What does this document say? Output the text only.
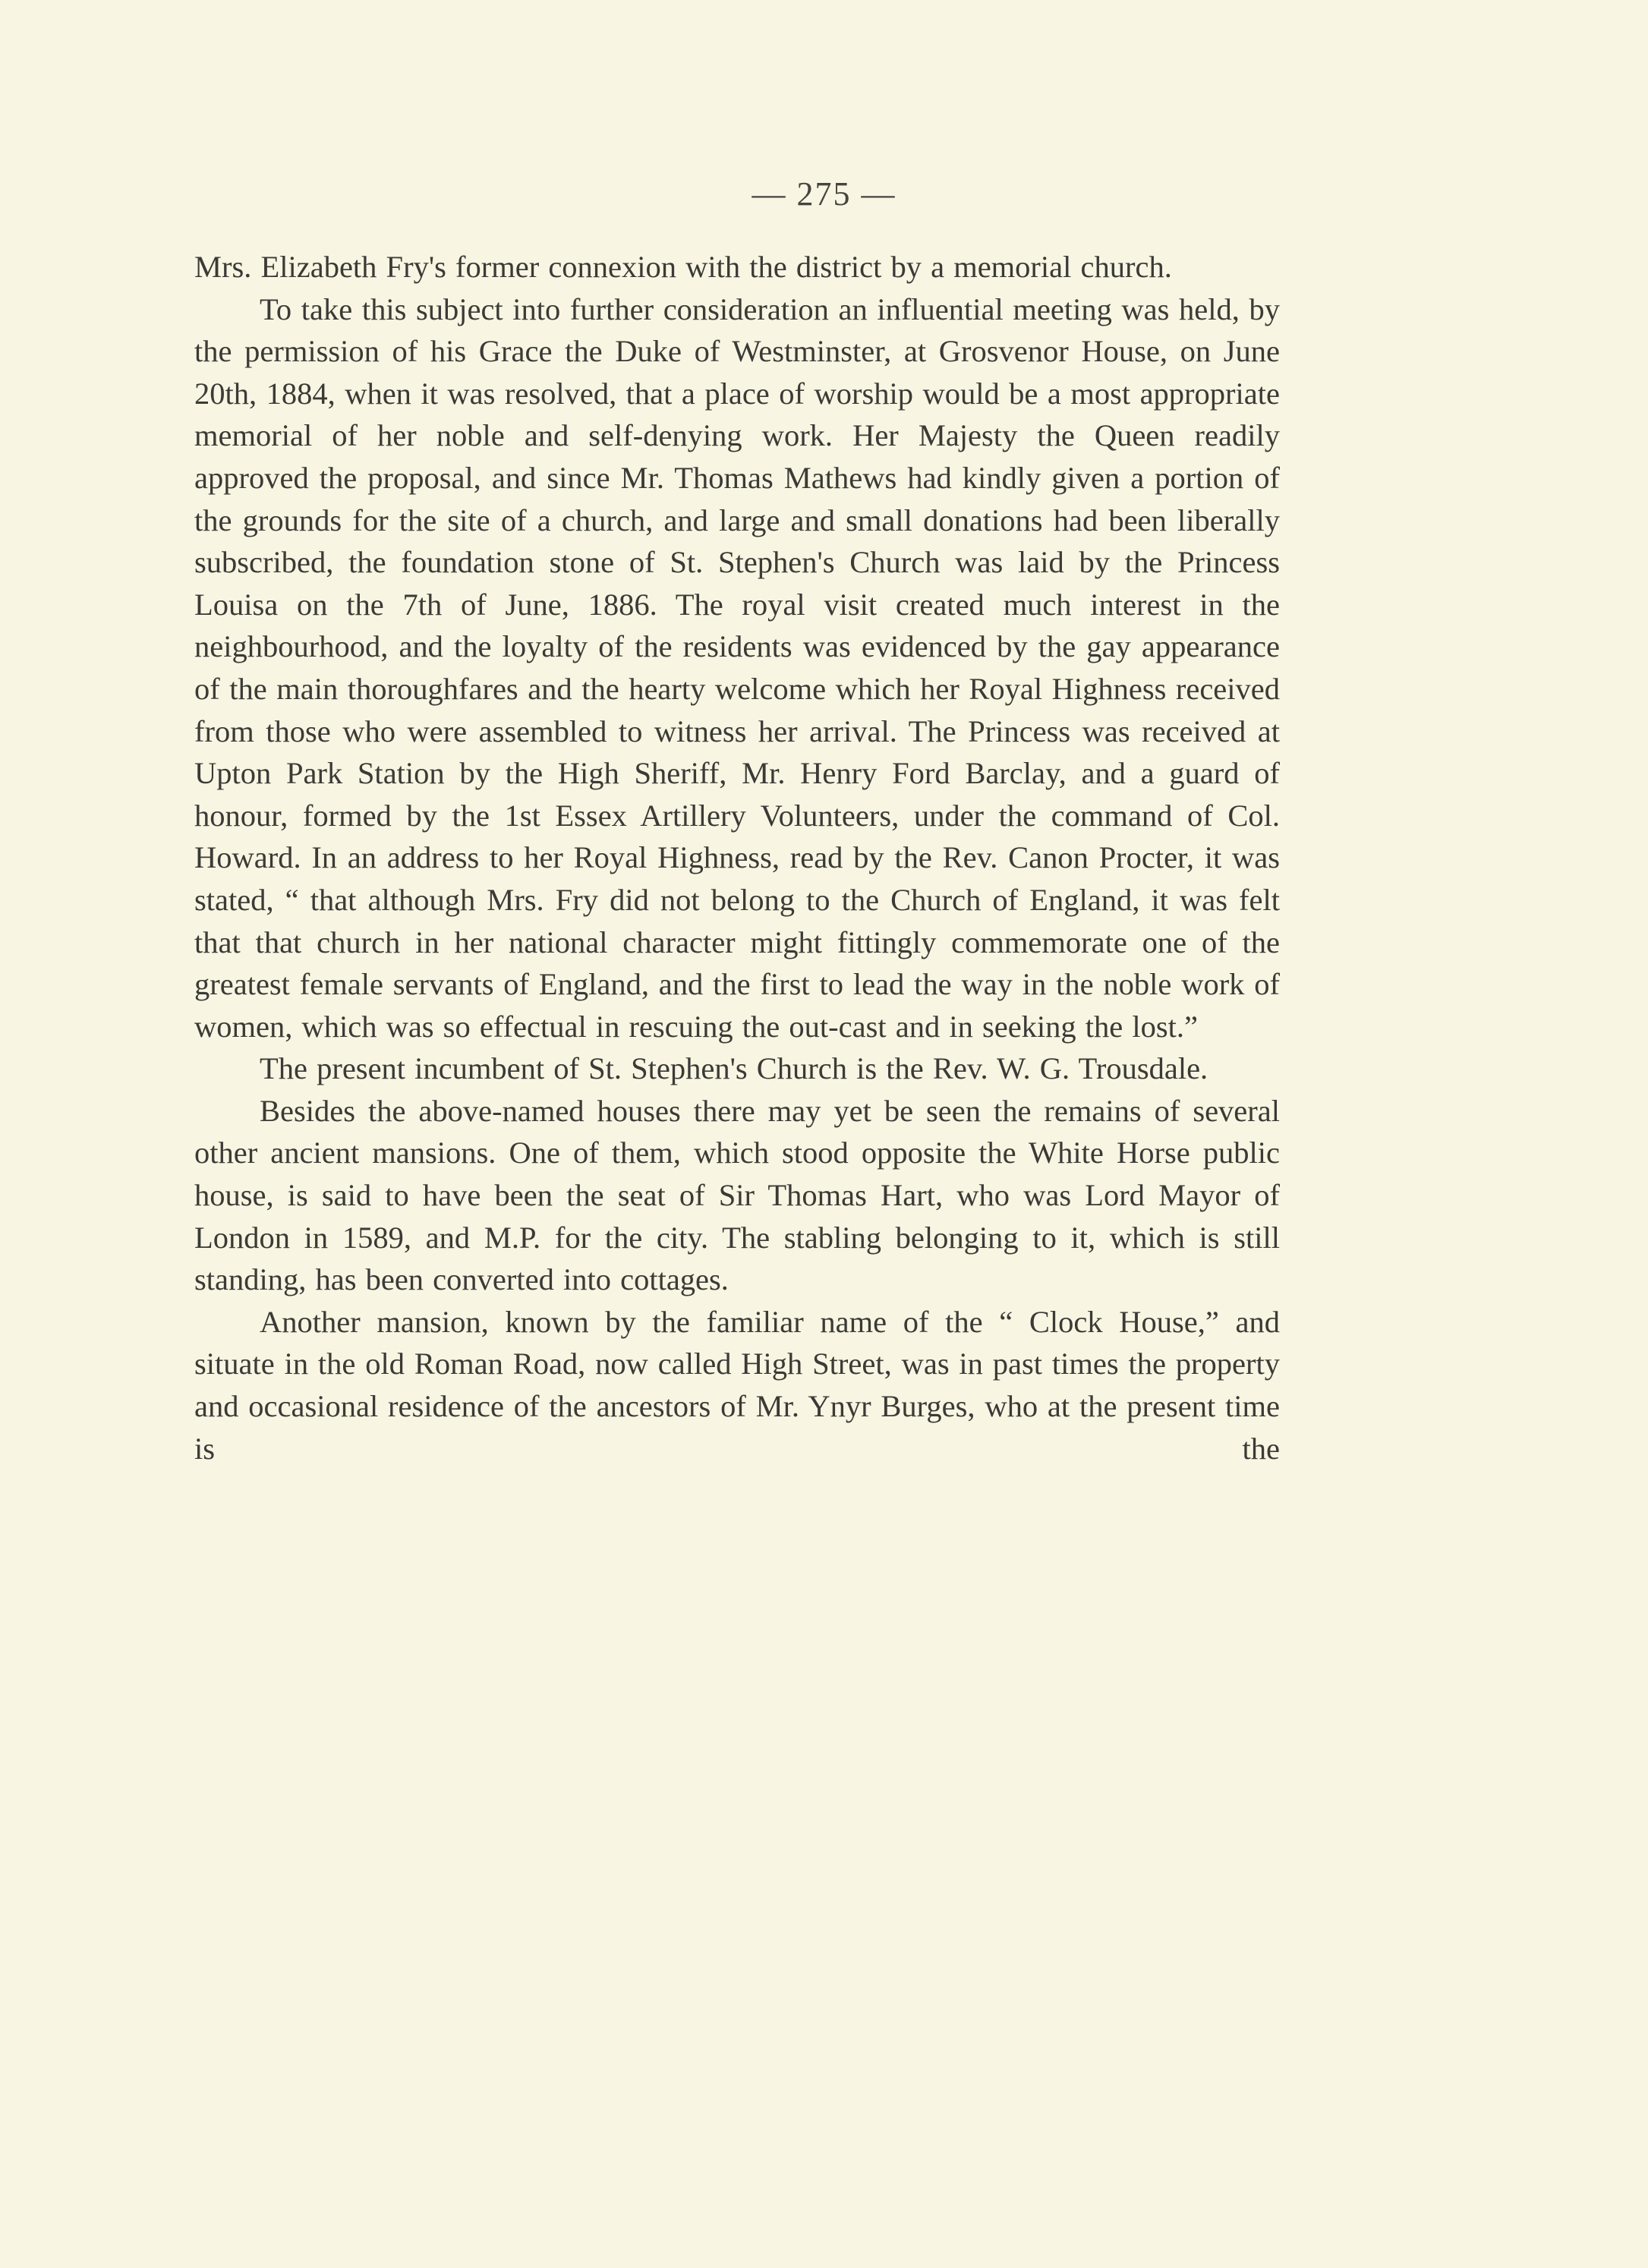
— 275 —

Mrs. Elizabeth Fry's former connexion with the district by a memorial church.

To take this subject into further consideration an influential meeting was held, by the permission of his Grace the Duke of Westminster, at Grosvenor House, on June 20th, 1884, when it was resolved, that a place of worship would be a most appropriate memorial of her noble and self-denying work. Her Majesty the Queen readily approved the proposal, and since Mr. Thomas Mathews had kindly given a portion of the grounds for the site of a church, and large and small donations had been liberally subscribed, the foundation stone of St. Stephen's Church was laid by the Princess Louisa on the 7th of June, 1886. The royal visit created much interest in the neighbourhood, and the loyalty of the residents was evidenced by the gay appearance of the main thoroughfares and the hearty welcome which her Royal Highness received from those who were assembled to witness her arrival. The Princess was received at Upton Park Station by the High Sheriff, Mr. Henry Ford Barclay, and a guard of honour, formed by the 1st Essex Artillery Volunteers, under the command of Col. Howard. In an address to her Royal Highness, read by the Rev. Canon Procter, it was stated, “ that although Mrs. Fry did not belong to the Church of England, it was felt that that church in her national character might fittingly commemorate one of the greatest female servants of England, and the first to lead the way in the noble work of women, which was so effectual in rescuing the out-cast and in seeking the lost.”

The present incumbent of St. Stephen's Church is the Rev. W. G. Trousdale.

Besides the above-named houses there may yet be seen the remains of several other ancient mansions. One of them, which stood opposite the White Horse public house, is said to have been the seat of Sir Thomas Hart, who was Lord Mayor of London in 1589, and M.P. for the city. The stabling belonging to it, which is still standing, has been converted into cottages.

Another mansion, known by the familiar name of the “ Clock House,” and situate in the old Roman Road, now called High Street, was in past times the property and occasional residence of the ancestors of Mr. Ynyr Burges, who at the present time is the
